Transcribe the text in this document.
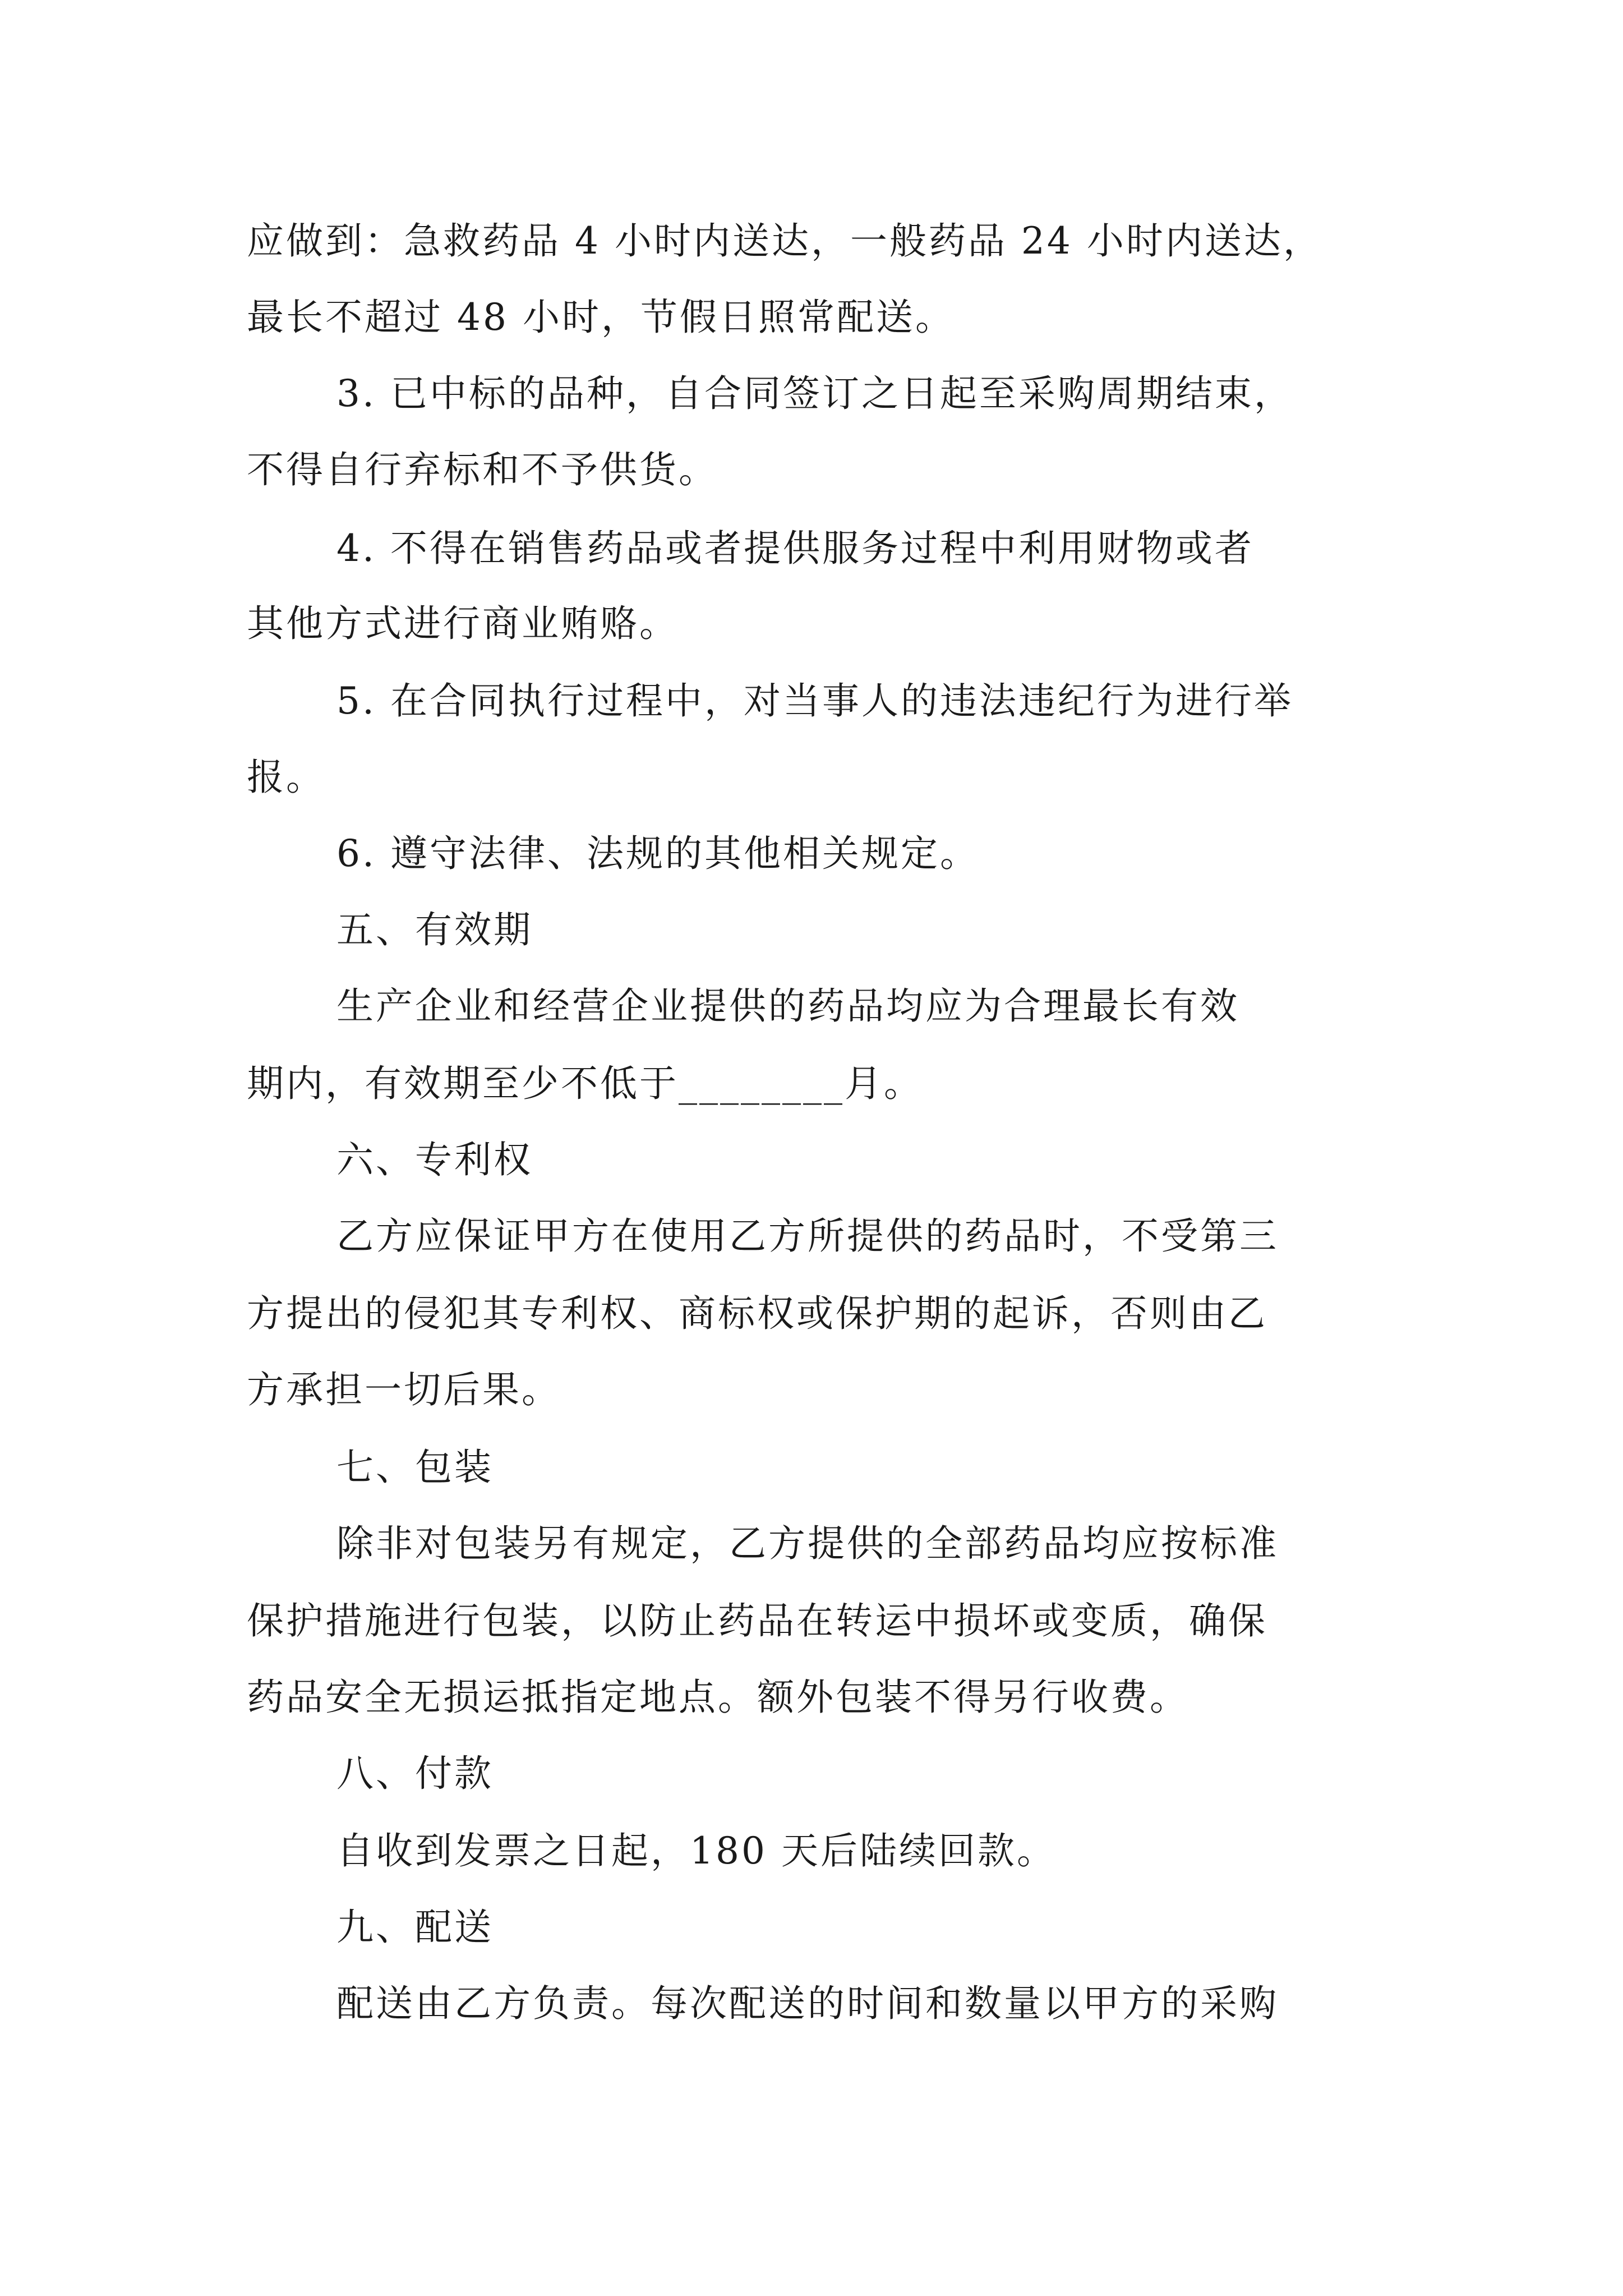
应做到：急救药品 4 小时内送达，一般药品 24 小时内送达，
最长不超过 48 小时，节假日照常配送。
3. 已中标的品种，自合同签订之日起至采购周期结束，
不得自行弃标和不予供货。
4. 不得在销售药品或者提供服务过程中利用财物或者
其他方式进行商业贿赂。
5. 在合同执行过程中，对当事人的违法违纪行为进行举
报。
6. 遵守法律、法规的其他相关规定。
五、有效期
生产企业和经营企业提供的药品均应为合理最长有效
期内，有效期至少不低于________月。
六、专利权
乙方应保证甲方在使用乙方所提供的药品时，不受第三
方提出的侵犯其专利权、商标权或保护期的起诉，否则由乙
方承担一切后果。
七、包装
除非对包装另有规定，乙方提供的全部药品均应按标准
保护措施进行包装，以防止药品在转运中损坏或变质，确保
药品安全无损运抵指定地点。额外包装不得另行收费。
八、付款
自收到发票之日起，180 天后陆续回款。
九、配送
配送由乙方负责。每次配送的时间和数量以甲方的采购
